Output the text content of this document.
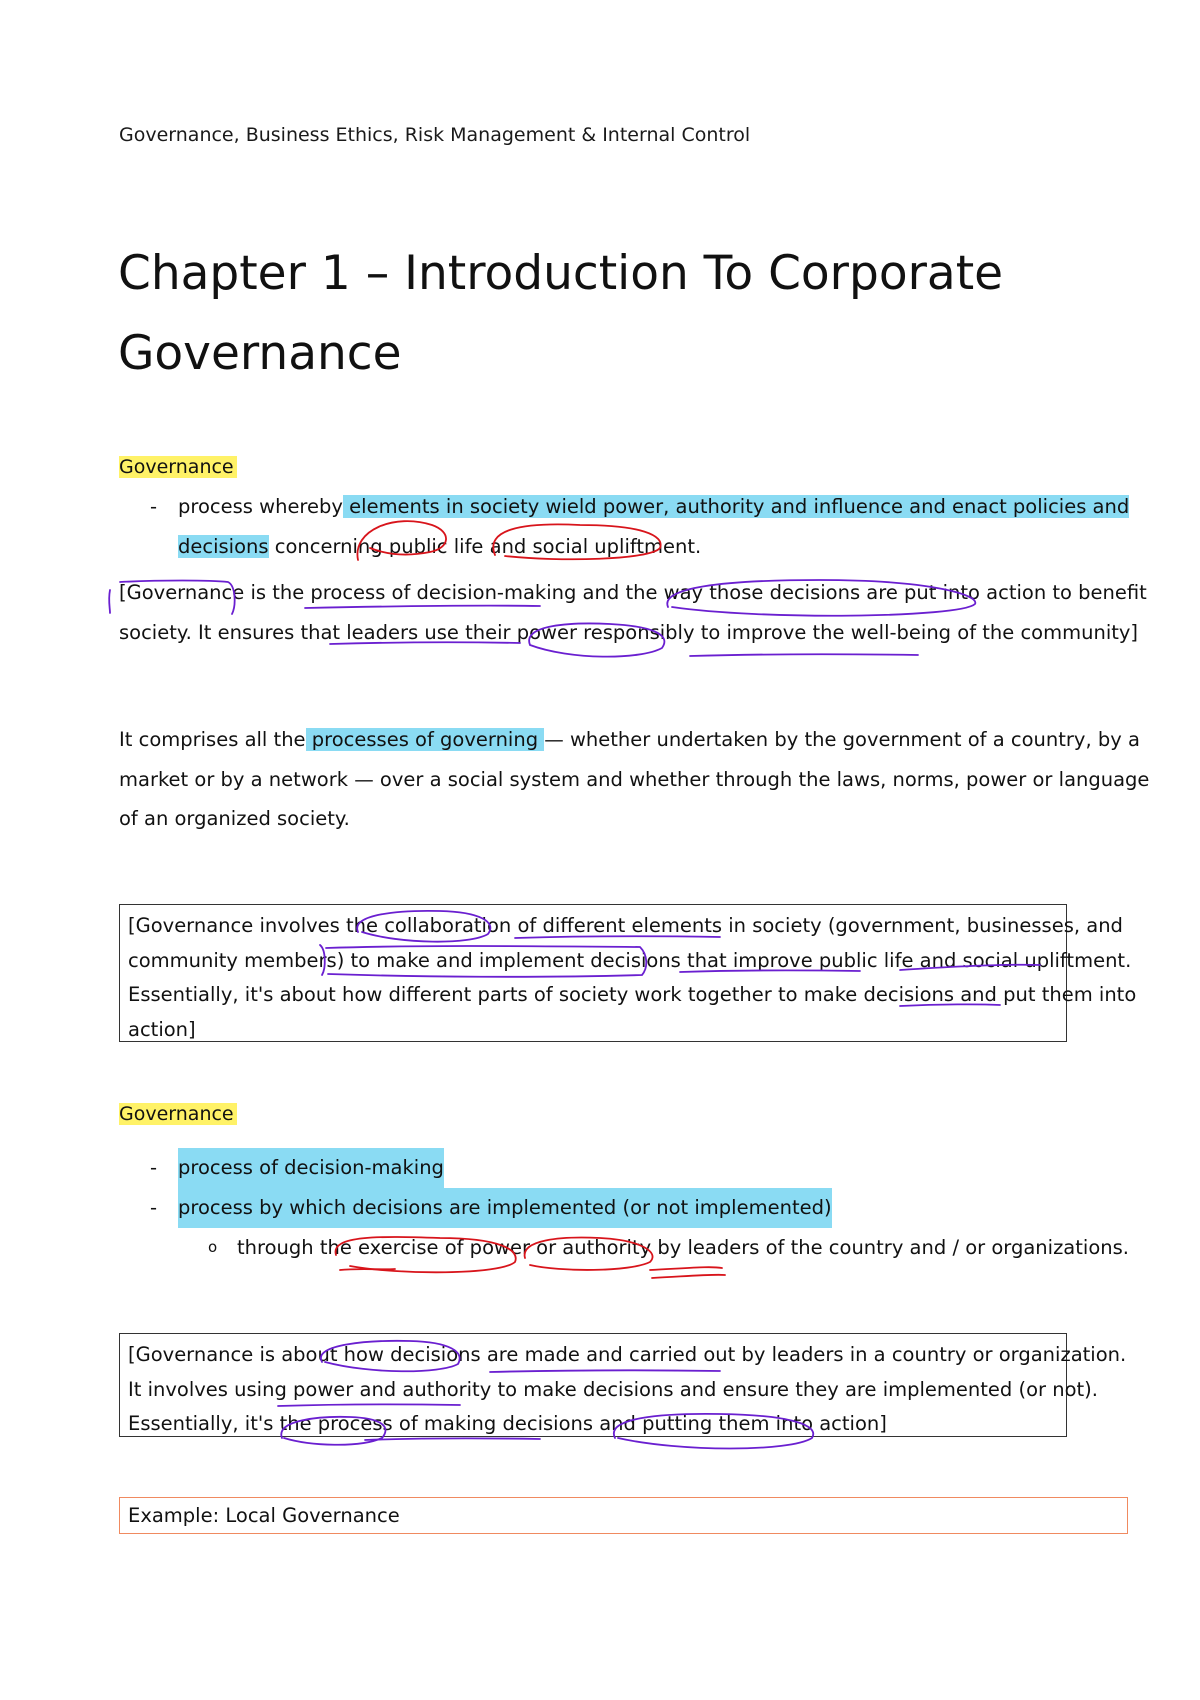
Governance, Business Ethics, Risk Management & Internal Control
Chapter 1 – Introduction To Corporate
Governance
Governance
- process whereby elements in society wield power, authority and influence and enact policies and
decisions concerning public life and social upliftment.
[Governance is the process of decision-making and the way those decisions are put into action to benefit
society. It ensures that leaders use their power responsibly to improve the well-being of the community]
It comprises all the processes of governing — whether undertaken by the government of a country, by a
market or by a network — over a social system and whether through the laws, norms, power or language
of an organized society.

[Governance involves the collaboration of different elements in society (government, businesses, and

community members) to make and implement decisions that improve public life and social upliftment.

Essentially, it's about how different parts of society work together to make decisions and put them into

action]

Governance
- process of decision-making
- process by which decisions are implemented (or not implemented)
o through the exercise of power or authority by leaders of the country and / or organizations.

[Governance is about how decisions are made and carried out by leaders in a country or organization.

It involves using power and authority to make decisions and ensure they are implemented (or not).

Essentially, it's the process of making decisions and putting them into action]

Example: Local Governance
